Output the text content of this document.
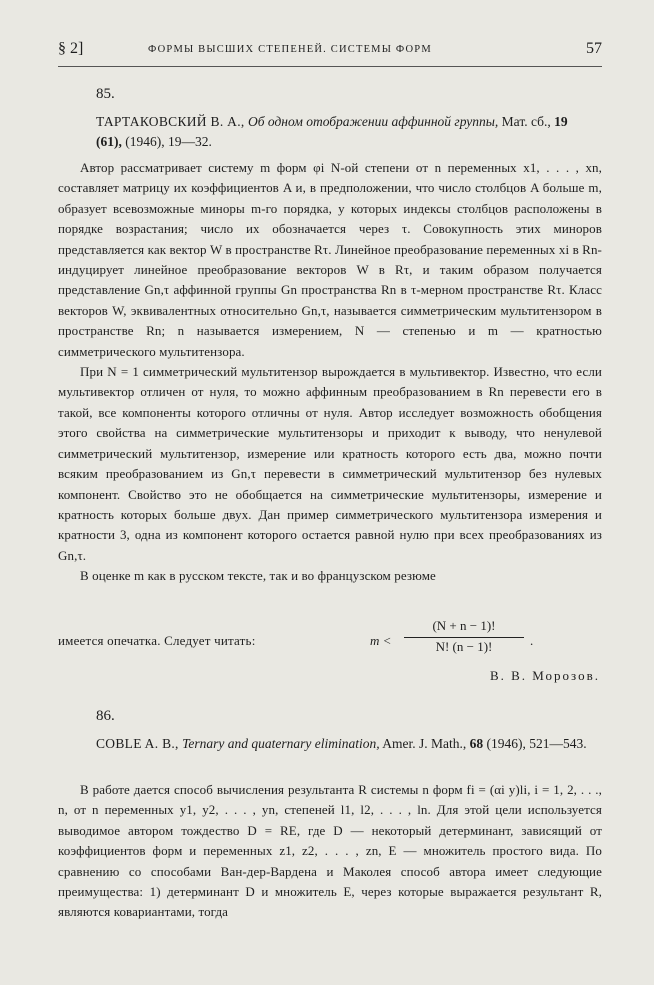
§ 2]	ФОРМЫ ВЫСШИХ СТЕПЕНЕЙ. СИСТЕМЫ ФОРМ	57
85.
ТАРТАКОВСКИЙ В. А., Об одном отображении аффинной группы, Мат. сб., 19 (61), (1946), 19—32.

Автор рассматривает систему m форм φi N-ой степени от n переменных x1, . . . , xn, составляет матрицу их коэффициентов A и, в предположении, что число столбцов A больше m, образует всевозможные миноры m-го порядка, у которых индексы столбцов расположены в порядке возрастания; число их обозначается через τ. Совокупность этих миноров представляется как вектор W в пространстве Rτ. Линейное преобразование переменных xi в Rn-индуцирует линейное преобразование векторов W в Rτ, и таким образом получается представление Gn,τ аффинной группы Gn пространства Rn в τ-мерном пространстве Rτ. Класс векторов W, эквивалентных относительно Gn,τ, называется симметрическим мультитензором в пространстве Rn; n называется измерением, N — степенью и m — кратностью симметрического мультитензора.

При N = 1 симметрический мультитензор вырождается в мультивектор. Известно, что если мультивектор отличен от нуля, то можно аффинным преобразованием в Rn перевести его в такой, все компоненты которого отличны от нуля. Автор исследует возможность обобщения этого свойства на симметрические мультитензоры и приходит к выводу, что ненулевой симметрический мультитензор, измерение или кратность которого есть два, можно почти всяким преобразованием из Gn,τ перевести в симметрический мультитензор без нулевых компонент. Свойство это не обобщается на симметрические мультитензоры, измерение и кратность которых больше двух. Дан пример симметрического мультитензора измерения и кратности 3, одна из компонент которого остается равной нулю при всех преобразованиях из Gn,τ.

В оценке m как в русском тексте, так и во французском резюме

имеется опечатка. Следует читать:	m <
(N + n − 1)!
N! (n − 1)!	.
В. В. Морозов.
86.
COBLE A. B., Ternary and quaternary elimination, Amer. J. Math., 68 (1946), 521—543.

В работе дается способ вычисления результанта R системы n форм fi = (αi y)li, i = 1, 2, . . ., n, от n переменных y1, y2, . . . , yn, степеней l1, l2, . . . , ln. Для этой цели используется выводимое автором тождество D = RE, где D — некоторый детерминант, зависящий от коэффициентов форм и переменных z1, z2, . . . , zn, E — множитель простого вида. По сравнению со способами Ван-дер-Вардена и Маколея способ автора имеет следующие преимущества: 1) детерминант D и множитель E, через которые выражается результант R, являются ковариантами, тогда
